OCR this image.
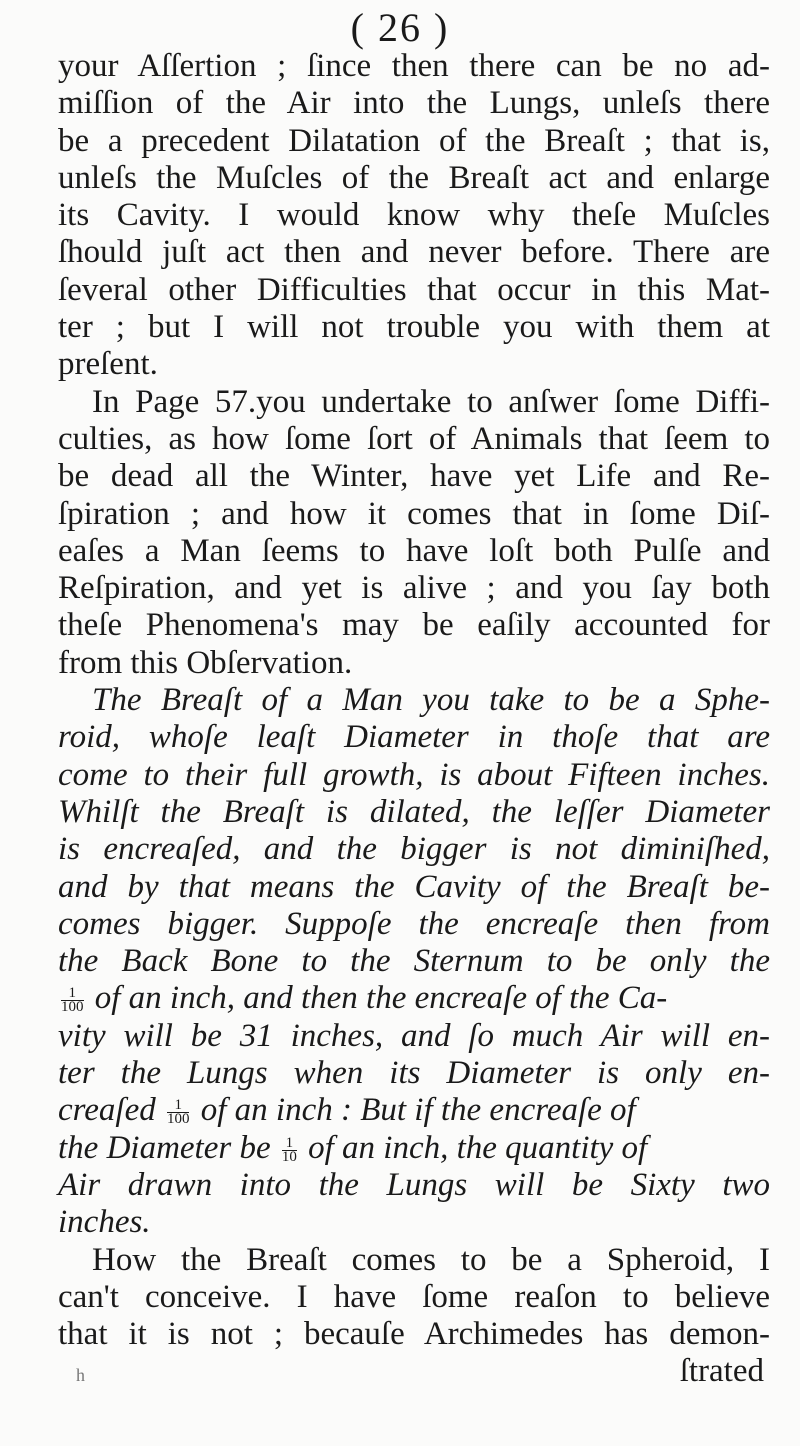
( 26 )
your Aſſertion ; ſince then there can be no ad-
miſſion of the Air into the Lungs, unleſs there
be a precedent Dilatation of the Breaſt ; that is,
unleſs the Muſcles of the Breaſt act and enlarge
its Cavity. I would know why theſe Muſcles
ſhould juſt act then and never before. There are
ſeveral other Difficulties that occur in this Mat-
ter ; but I will not trouble you with them at
preſent.
In Page 57.you undertake to anſwer ſome Diffi-
culties, as how ſome ſort of Animals that ſeem to
be dead all the Winter, have yet Life and Re-
ſpiration ; and how it comes that in ſome Diſ-
eaſes a Man ſeems to have loſt both Pulſe and
Reſpiration, and yet is alive ; and you ſay both
theſe Phenomena's may be eaſily accounted for
from this Obſervation.
The Breaſt of a Man you take to be a Sphe-
roid, whoſe leaſt Diameter in thoſe that are
come to their full growth, is about Fifteen inches.
Whilſt the Breaſt is dilated, the leſſer Diameter
is encreaſed, and the bigger is not diminiſhed,
and by that means the Cavity of the Breaſt be-
comes bigger. Suppoſe the encreaſe then from
the Back Bone to the Sternum to be only the
$\frac{1}{100}$ of an inch, and then the encreaſe of the Ca-
vity will be 31 inches, and ſo much Air will en-
ter the Lungs when its Diameter is only en-
creaſed $\frac{1}{100}$ of an inch : But if the encreaſe of
the Diameter be $\frac{1}{10}$ of an inch, the quantity of
Air drawn into the Lungs will be Sixty two
inches.
How the Breaſt comes to be a Spheroid, I
can't conceive. I have ſome reaſon to believe
that it is not ; becauſe Archimedes has demon-
h	ſtrated
